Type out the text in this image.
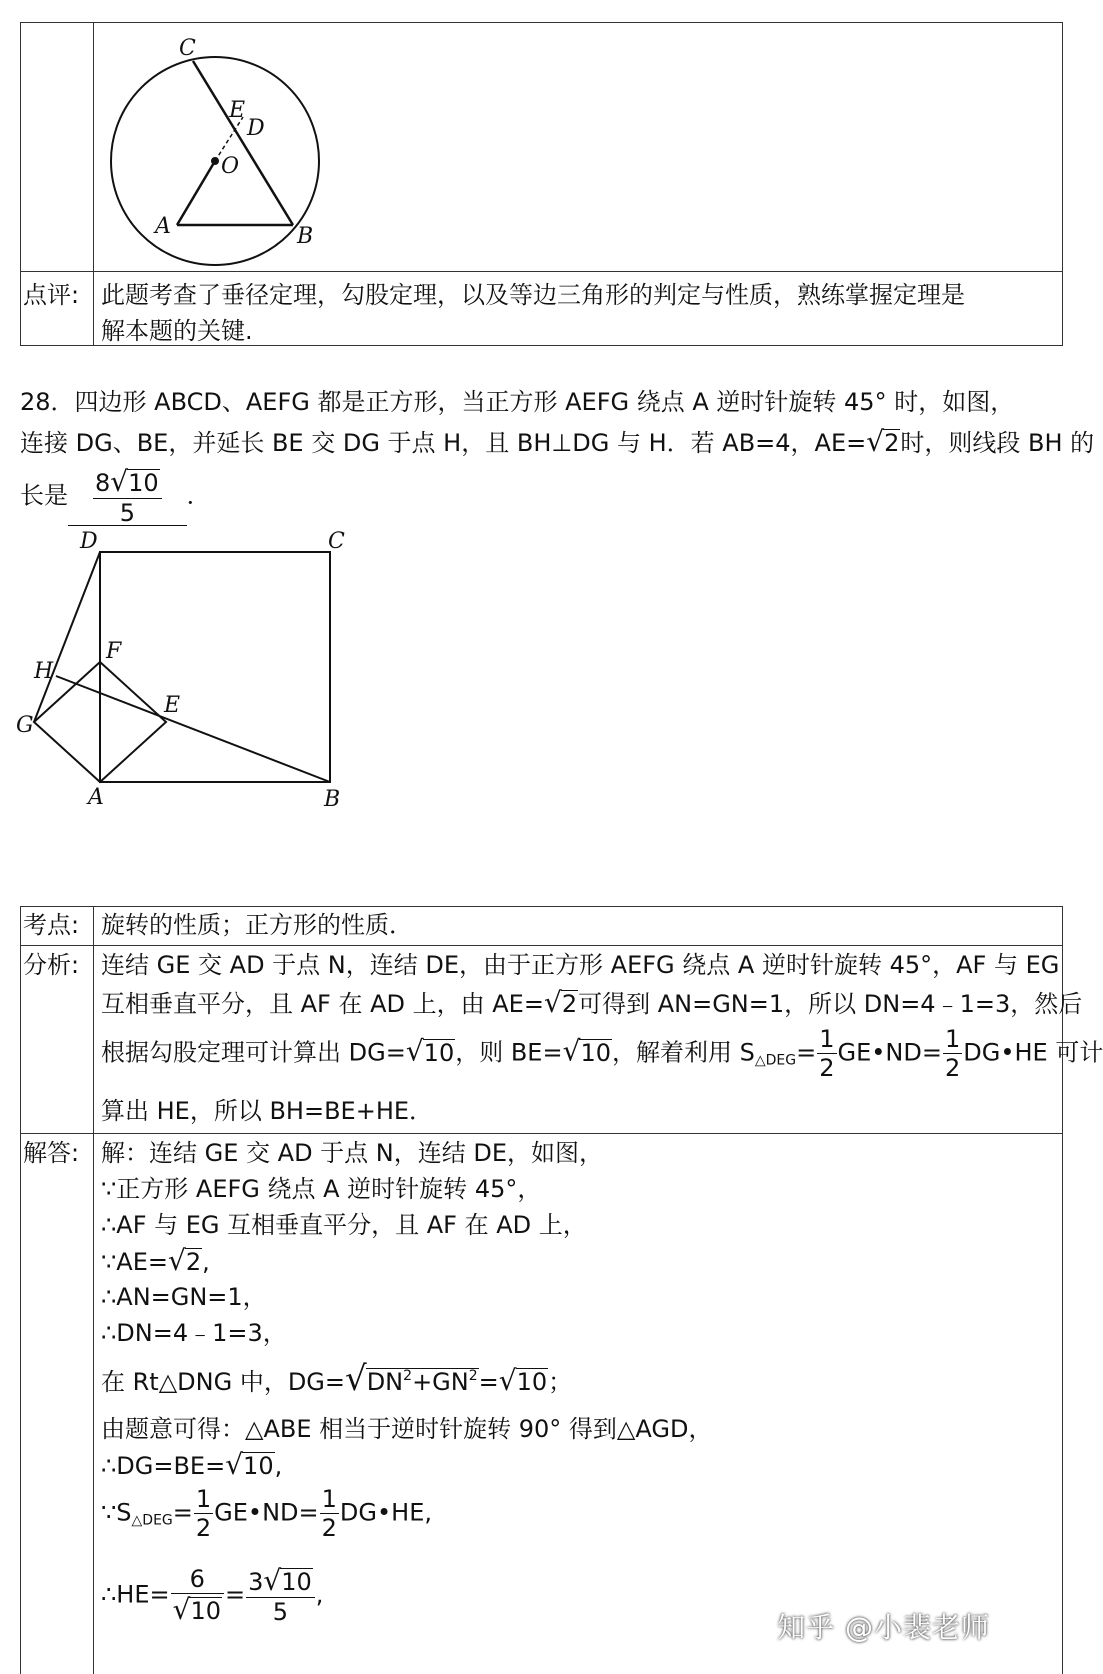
C
E
D
O
A	B
点评: 此题考查了垂径定理，勾股定理，以及等边三角形的判定与性质，熟练掌握定理是
解本题的关键.
28．四边形 ABCD、AEFG 都是正方形，当正方形 AEFG 绕点 A 逆时针旋转 45° 时，如图，
连接 DG、BE，并延长 BE 交 DG 于点 H，且 BH⊥DG 与 H．若 AB=4，AE=√2时，则线段 BH 的
长是 $\frac{8√10}{5}$ ．
D	C
H
F
E
G
A	B
考点: 旋转的性质；正方形的性质．
分析: 连结 GE 交 AD 于点 N，连结 DE，由于正方形 AEFG 绕点 A 逆时针旋转 45°，AF 与 EG
互相垂直平分，且 AF 在 AD 上，由 AE=√2可得到 AN=GN=1，所以 DN=4﹣1=3，然后
根据勾股定理可计算出 DG=√10，则 BE=√10，解着利用 $S_{\triangle DEG}= \frac{1}{2}$ GE•ND= $\frac{1}{2}$ DG•HE 可计
算出 HE，所以 BH=BE+HE．
解答: 解：连结 GE 交 AD 于点 N，连结 DE，如图，
∵正方形 AEFG 绕点 A 逆时针旋转 45°，
∴AF 与 EG 互相垂直平分，且 AF 在 AD 上，
∵AE=√2,
∴AN=GN=1，
∴DN=4﹣1=3，
在 Rt△DNG 中，$DG=√DN^2+GN^2=√10$；
由题意可得：△ABE 相当于逆时针旋转 90° 得到△AGD，
∴DG=BE=√10,
$\because S_{\triangle DEG}= \frac{1}{2}$ GE•ND= $\frac{1}{2}$ DG•HE,
∴HE= $\frac{6}{√10} = \frac{3√10}{5}$ ,
知乎 @小裴老师
